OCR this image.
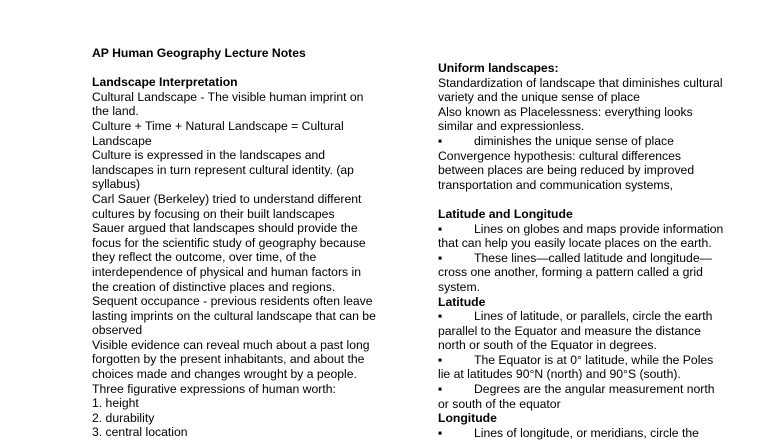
AP Human Geography Lecture Notes
Landscape Interpretation
Cultural Landscape - The visible human imprint on
the land.
Culture + Time + Natural Landscape = Cultural
Landscape
Culture is expressed in the landscapes and
landscapes in turn represent cultural identity. (ap
syllabus)
Carl Sauer (Berkeley) tried to understand different
cultures by focusing on their built landscapes
Sauer argued that landscapes should provide the
focus for the scientific study of geography because
they reflect the outcome, over time, of the
interdependence of physical and human factors in
the creation of distinctive places and regions.
Sequent occupance - previous residents often leave
lasting imprints on the cultural landscape that can be
observed
Visible evidence can reveal much about a past long
forgotten by the present inhabitants, and about the
choices made and changes wrought by a people.
Three figurative expressions of human worth:
1. height
2. durability
3. central location
Uniform landscapes:
Standardization of landscape that diminishes cultural
variety and the unique sense of place
Also known as Placelessness: everything looks
similar and expressionless.
▪	diminishes the unique sense of place
Convergence hypothesis: cultural differences
between places are being reduced by improved
transportation and communication systems,
Latitude and Longitude
▪	Lines on globes and maps provide information
that can help you easily locate places on the earth.
▪	These lines—called latitude and longitude—
cross one another, forming a pattern called a grid
system.
Latitude
▪	Lines of latitude, or parallels, circle the earth
parallel to the Equator and measure the distance
north or south of the Equator in degrees.
▪	The Equator is at 0° latitude, while the Poles
lie at latitudes 90°N (north) and 90°S (south).
▪	Degrees are the angular measurement north
or south of the equator
Longitude
▪	Lines of longitude, or meridians, circle the
